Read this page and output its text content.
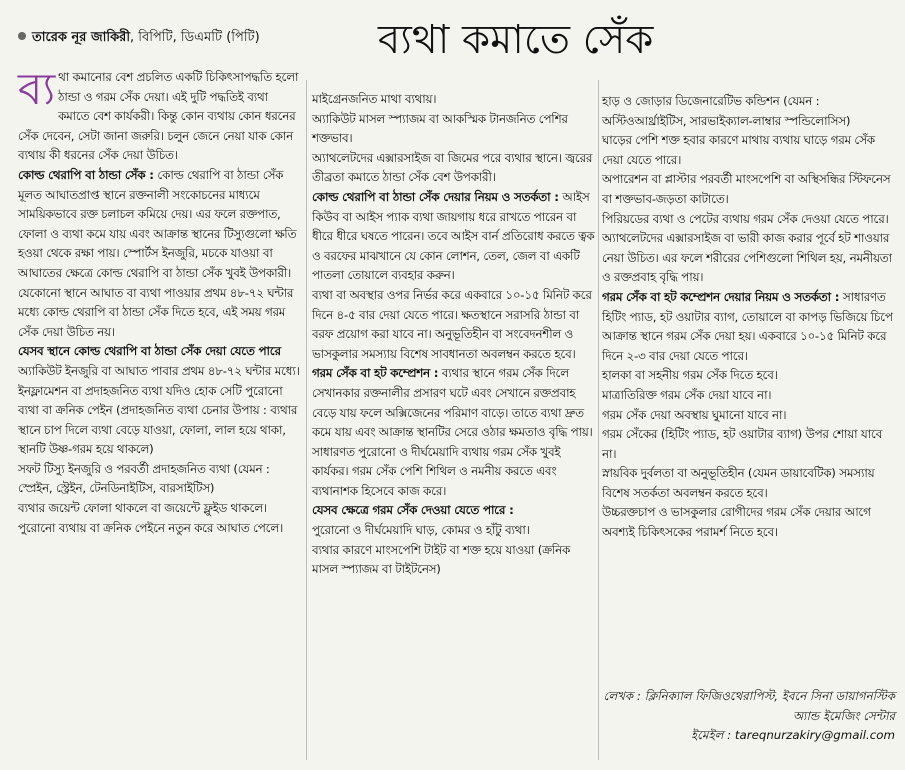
তারেক নূর জাকিরী, বিপিটি, ডিএমটি (পিটি)	ব্যথা কমাতে সেঁক

ব্য থা কমানোর বেশ প্রচলিত একটি চিকিৎসাপদ্ধতি হলো ঠান্ডা ও গরম সেঁক দেয়া। এই দুটি পদ্ধতিই ব্যথা কমাতে বেশ কার্যকরী। কিন্তু কোন ব্যথায় কোন ধরনের সেঁক দেবেন, সেটা জানা জরুরি। চলুন জেনে নেয়া যাক কোন ব্যথায় কী ধরনের সেঁক দেয়া উচিত।

কোল্ড থেরাপি বা ঠান্ডা সেঁক : কোল্ড থেরাপি বা ঠান্ডা সেঁক মূলত আঘাতপ্রাপ্ত স্থানে রক্তনালী সংকোচনের মাধ্যমে সাময়িকভাবে রক্ত চলাচল কমিয়ে দেয়। এর ফলে রক্তপাত, ফোলা ও ব্যথা কমে যায় এবং আক্রান্ত স্থানের টিস্যুগুলো ক্ষতি হওয়া থেকে রক্ষা পায়। স্পোর্টস ইনজুরি, মচকে যাওয়া বা আঘাতের ক্ষেত্রে কোল্ড থেরাপি বা ঠান্ডা সেঁক খুবই উপকারী। যেকোনো স্থানে আঘাত বা ব্যথা পাওয়ার প্রথম ৪৮-৭২ ঘন্টার মধ্যে কোল্ড থেরাপি বা ঠান্ডা সেঁক দিতে হবে, এই সময় গরম সেঁক দেয়া উচিত নয়।

যেসব স্থানে কোল্ড থেরাপি বা ঠান্ডা সেঁক দেয়া যেতে পারে

অ্যাকিউট ইনজুরি বা আঘাত পাবার প্রথম ৪৮-৭২ ঘন্টার মধ্যে।

ইনফ্লামেশন বা প্রদাহজনিত ব্যথা যদিও হোক সেটি পুরোনো ব্যথা বা ক্রনিক পেইন (প্রদাহজনিত ব্যথা চেনার উপায় : ব্যথার স্থানে চাপ দিলে ব্যথা বেড়ে যাওয়া, ফোলা, লাল হয়ে থাকা, স্থানটি উষ্ণ-গরম হয়ে থাকলে)

সফট টিস্যু ইনজুরি ও পরবর্তী প্রদাহজনিত ব্যথা (যেমন : স্প্রেইন, স্ট্রেইন, টেনডিনাইটিস, বারসাইটিস)

ব্যথার জয়েন্ট ফোলা থাকলে বা জয়েন্টে ফ্লুইড থাকলে। পুরোনো ব্যথায় বা ক্রনিক পেইনে নতুন করে আঘাত পেলে।

মাইগ্রেনজনিত মাথা ব্যথায়।

অ্যাকিউট মাসল স্প্যাজম বা আকস্মিক টানজনিত পেশির শক্তভাব।

অ্যাথলেটদের এক্সারসাইজ বা জিমের পরে ব্যথার স্থানে। জ্বরের তীব্রতা কমাতে ঠান্ডা সেঁক বেশ উপকারী।

কোল্ড থেরাপি বা ঠান্ডা সেঁক দেয়ার নিয়ম ও সতর্কতা : আইস কিউব বা আইস প্যাক ব্যথা জায়গায় ধরে রাখতে পারেন বা ধীরে ধীরে ঘষতে পারেন। তবে আইস বার্ন প্রতিরোধ করতে ত্বক ও বরফের মাঝখানে যে কোন লোশন, তেল, জেল বা একটি পাতলা তোয়ালে ব্যবহার করুন।

ব্যথা বা অবস্থার ওপর নির্ভর করে একবারে ১০-১৫ মিনিট করে দিনে ৪-৫ বার দেয়া যেতে পারে। ক্ষতস্থানে সরাসরি ঠান্ডা বা বরফ প্রয়োগ করা যাবে না। অনুভূতিহীন বা সংবেদনশীল ও ভাসকুলার সমস্যায় বিশেষ সাবধানতা অবলম্বন করতে হবে।

গরম সেঁক বা হট কম্প্রেশন : ব্যথার স্থানে গরম সেঁক দিলে সেখানকার রক্তনালীর প্রসারণ ঘটে এবং সেখানে রক্তপ্রবাহ বেড়ে যায় ফলে অক্সিজেনের পরিমাণ বাড়ে। তাতে ব্যথা দ্রুত কমে যায় এবং আক্রান্ত স্থানটির সেরে ওঠার ক্ষমতাও বৃদ্ধি পায়। সাধারণত পুরোনো ও দীর্ঘমেয়াদি ব্যথায় গরম সেঁক খুবই কার্যকর। গরম সেঁক পেশি শিথিল ও নমনীয় করতে এবং ব্যথানাশক হিসেবে কাজ করে।

যেসব ক্ষেত্রে গরম সেঁক দেওয়া যেতে পারে :

পুরোনো ও দীর্ঘমেয়াদি ঘাড়, কোমর ও হাঁটু ব্যথা।

ব্যথার কারণে মাংসপেশি টাইট বা শক্ত হয়ে যাওয়া (ক্রনিক মাসল স্প্যাজম বা টাইটনেস)

হাড় ও জোড়ার ডিজেনারেটিভ কন্ডিশন (যেমন : অস্টিওআর্থ্রাইটিস, সারভাইক্যাল-লাম্বার স্পন্ডিলোসিস)

ঘাড়ের পেশি শক্ত হবার কারণে মাথায় ব্যথায় ঘাড়ে গরম সেঁক দেয়া যেতে পারে।

অপারেশন বা প্লাস্টার পরবর্তী মাংসপেশি বা অস্থিসন্ধির স্টিফনেস বা শক্তভাব-জড়তা কাটাতে।

পিরিয়ডের ব্যথা ও পেটের ব্যথায় গরম সেঁক দেওয়া যেতে পারে।

অ্যাথলেটদের এক্সারসাইজ বা ভারী কাজ করার পূর্বে হট শাওয়ার নেয়া উচিত। এর ফলে শরীরের পেশিগুলো শিথিল হয়, নমনীয়তা ও রক্তপ্রবাহ বৃদ্ধি পায়।

গরম সেঁক বা হট কম্প্রেশন দেয়ার নিয়ম ও সতর্কতা : সাধারণত হিটিং প্যাড, হট ওয়াটার ব্যাগ, তোয়ালে বা কাপড় ভিজিয়ে চিপে আক্রান্ত স্থানে গরম সেঁক দেয়া হয়। একবারে ১০-১৫ মিনিট করে দিনে ২-৩ বার দেয়া যেতে পারে।

হালকা বা সহনীয় গরম সেঁক দিতে হবে।

মাত্রাতিরিক্ত গরম সেঁক দেয়া যাবে না।

গরম সেঁক দেয়া অবস্থায় ঘুমানো যাবে না।

গরম সেঁকের (হিটিং প্যাড, হট ওয়াটার ব্যাগ) উপর শোয়া যাবে না।

স্নায়বিক দুর্বলতা বা অনুভূতিহীন (যেমন ডায়াবেটিক) সমস্যায় বিশেষ সতর্কতা অবলম্বন করতে হবে।

উচ্চরক্তচাপ ও ভাসকুলার রোগীদের গরম সেঁক দেয়ার আগে অবশ্যই চিকিৎসকের পরামর্শ নিতে হবে।

লেখক : ক্লিনিক্যাল ফিজিওথেরাপিস্ট, ইবনে সিনা ডায়াগনস্টিক অ্যান্ড ইমেজিং সেন্টার
ইমেইল : tareqnurzakiry@gmail.com
